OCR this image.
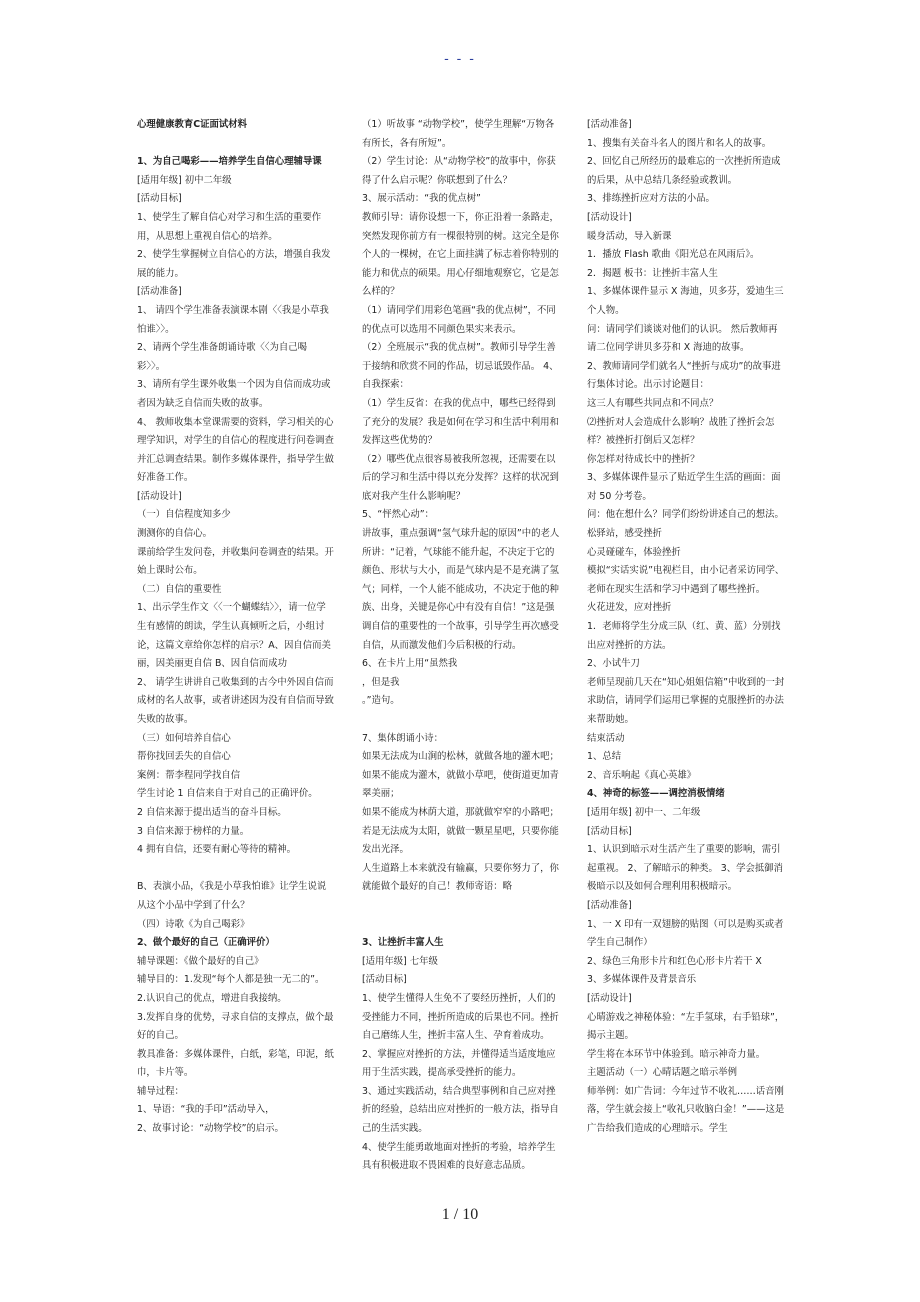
- - -

心理健康教育C证面试材料

1、为自己喝彩——培养学生自信心理辅导课

[适用年级] 初中二年级

[活动目标]

1、使学生了解自信心对学习和生活的重要作用，从思想上重视自信心的培养。

2、使学生掌握树立自信心的方法，增强自我发展的能力。

[活动准备]

1、 请四个学生准备表演课本剧〈〈我是小草我怕谁〉〉。

2、请两个学生准备朗诵诗歌〈〈为自己喝彩〉〉。

3、请所有学生课外收集一个因为自信而成功或者因为缺乏自信而失败的故事。

4、 教师收集本堂课需要的资料，学习相关的心理学知识，对学生的自信心的程度进行问卷调查并汇总调查结果。制作多媒体课件，指导学生做好准备工作。

[活动设计]

（一）自信程度知多少

测测你的自信心。

课前给学生发问卷，并收集问卷调查的结果。开始上课时公布。

（二）自信的重要性

1、出示学生作文〈〈一个蝴蝶结〉〉，请一位学生有感情的朗读，学生认真倾听之后，小组讨论，这篇文章给你怎样的启示？A、因自信而美丽，因美丽更自信 B、因自信而成功

2、 请学生讲讲自己收集到的古今中外因自信而成材的名人故事，或者讲述因为没有自信而导致失败的故事。

（三）如何培养自信心

帮你找回丢失的自信心

案例：帮李程同学找自信

学生讨论 1 自信来自于对自己的正确评价。

2 自信来源于提出适当的奋斗目标。

3 自信来源于榜样的力量。

4 拥有自信，还要有耐心等待的精神。

B、表演小品，《我是小草我怕谁》让学生说说从这个小品中学到了什么？

（四）诗歌《为自己喝彩》

2、做个最好的自己（正确评价）

辅导课题：《做个最好的自己》

辅导目的：1.发现“每个人都是独一无二的”。

2.认识自己的优点，增进自我接纳。

3.发挥自身的优势，寻求自信的支撑点，做个最好的自己。

教具准备：多媒体课件，白纸，彩笔，印泥，纸巾，卡片等。

辅导过程：

1、导语：“我的手印”活动导入，

2、故事讨论：“动物学校”的启示。

（1）听故事 “动物学校”，使学生理解“万物各有所长，各有所短”。

（2）学生讨论：从“动物学校”的故事中，你获得了什么启示呢？你联想到了什么？

3、展示活动：“我的优点树”

教师引导：请你设想一下，你正沿着一条路走，突然发现你前方有一棵很特别的树。这完全是你个人的一棵树，在它上面挂满了标志着你特别的能力和优点的硕果。用心仔细地观察它，它是怎么样的？

（1）请同学们用彩色笔画“我的优点树”，不同的优点可以选用不同颜色果实来表示。

（2）全班展示“我的优点树”。教师引导学生善于接纳和欣赏不同的作品，切忌诋毁作品。 4、自我探索：

（1）学生反省：在我的优点中，哪些已经得到了充分的发展？我是如何在学习和生活中利用和发挥这些优势的？

（2）哪些优点很容易被我所忽视，还需要在以后的学习和生活中得以充分发挥？这样的状况到底对我产生什么影响呢？

5、“怦然心动”：

讲故事，重点强调“氢气球升起的原因”中的老人所讲：“记着，气球能不能升起，不决定于它的颜色、形状与大小，而是气球内是不是充满了氢气；同样，一个人能不能成功，不决定于他的种族、出身，关键是你心中有没有自信！”这是强调自信的重要性的一个故事，引导学生再次感受自信，从而激发他们今后积极的行动。

6、在卡片上用“虽然我

，但是我

。”造句。

7、集体朗诵小诗：

如果无法成为山涧的松林，就做各地的灌木吧；如果不能成为灌木，就做小草吧，使街道更加青翠美丽；

如果不能成为林荫大道，那就做窄窄的小路吧；若是无法成为太阳，就做一颗星星吧，只要你能发出光泽。

人生道路上本来就没有输赢，只要你努力了，你就能做个最好的自己！教师寄语：略

3、让挫折丰富人生

[适用年级] 七年级

[活动目标]

1、使学生懂得人生免不了要经历挫折，人们的受挫能力不同，挫折所造成的后果也不同。挫折自己磨练人生，挫折丰富人生、孕育着成功。

2、掌握应对挫折的方法，并懂得适当适度地应用于生活实践，提高承受挫折的能力。

3、通过实践活动，结合典型事例和自己应对挫折的经验，总结出应对挫折的一般方法，指导自己的生活实践。

4、使学生能勇敢地面对挫折的考验，培养学生具有积极进取不畏困难的良好意志品质。

[活动准备]

1、搜集有关奋斗名人的图片和名人的故事。

2、回忆自己所经历的最难忘的一次挫折所造成的后果，从中总结几条经验或教训。

3、排练挫折应对方法的小品。

[活动设计]

暖身活动，导入新课

1．播放 Flash 歌曲《阳光总在风雨后》。

2．揭题 板书：让挫折丰富人生

1、多媒体课件显示 X 海迪，贝多芬，爱迪生三个人物。

问：请同学们谈谈对他们的认识。 然后教师再请二位同学讲贝多芬和 X 海迪的故事。

2、教师请同学们就名人“挫折与成功”的故事进行集体讨论。出示讨论题目：

这三人有哪些共同点和不同点？

⑵挫折对人会造成什么影响？战胜了挫折会怎样？被挫折打倒后又怎样？

你怎样对待成长中的挫折？

3、多媒体课件显示了贴近学生生活的画面：面对 50 分考卷。

问：他在想什么？同学们纷纷讲述自己的想法。

松驿站，感受挫折

心灵碰碰车，体验挫折

模拟“实话实说”电视栏目，由小记者采访同学、老师在现实生活和学习中遇到了哪些挫折。

火花迸发，应对挫折

1．老师将学生分成三队（红、黄、蓝）分别找出应对挫折的方法。

2、小试牛刀

老师呈现前几天在“知心姐姐信箱”中收到的一封求助信，请同学们运用已掌握的克服挫折的办法来帮助她。

结束活动

1、总结

2、音乐响起《真心英雄》

4、神奇的标签——调控消极情绪

[适用年级] 初中一、二年级

[活动目标]

1、认识到暗示对生活产生了重要的影响，需引起重视。 2、了解暗示的种类。 3、学会抵御消极暗示以及如何合理利用积极暗示。

[活动准备]

1、一 X 印有一双翅膀的贴图（可以是购买或者学生自己制作）

2、绿色三角形卡片和红色心形卡片若干 X

3、多媒体课件及背景音乐

[活动设计]

心晴游戏之神秘体验：“左手氢球，右手铅球”，揭示主题。

学生将在本环节中体验到。暗示神奇力量。

主题活动（一）心晴话题之暗示举例

师举例：如广告词：今年过节不收礼……话音刚落，学生就会接上“收礼只收脑白金！”——这是广告给我们造成的心理暗示。学生

1 / 10
